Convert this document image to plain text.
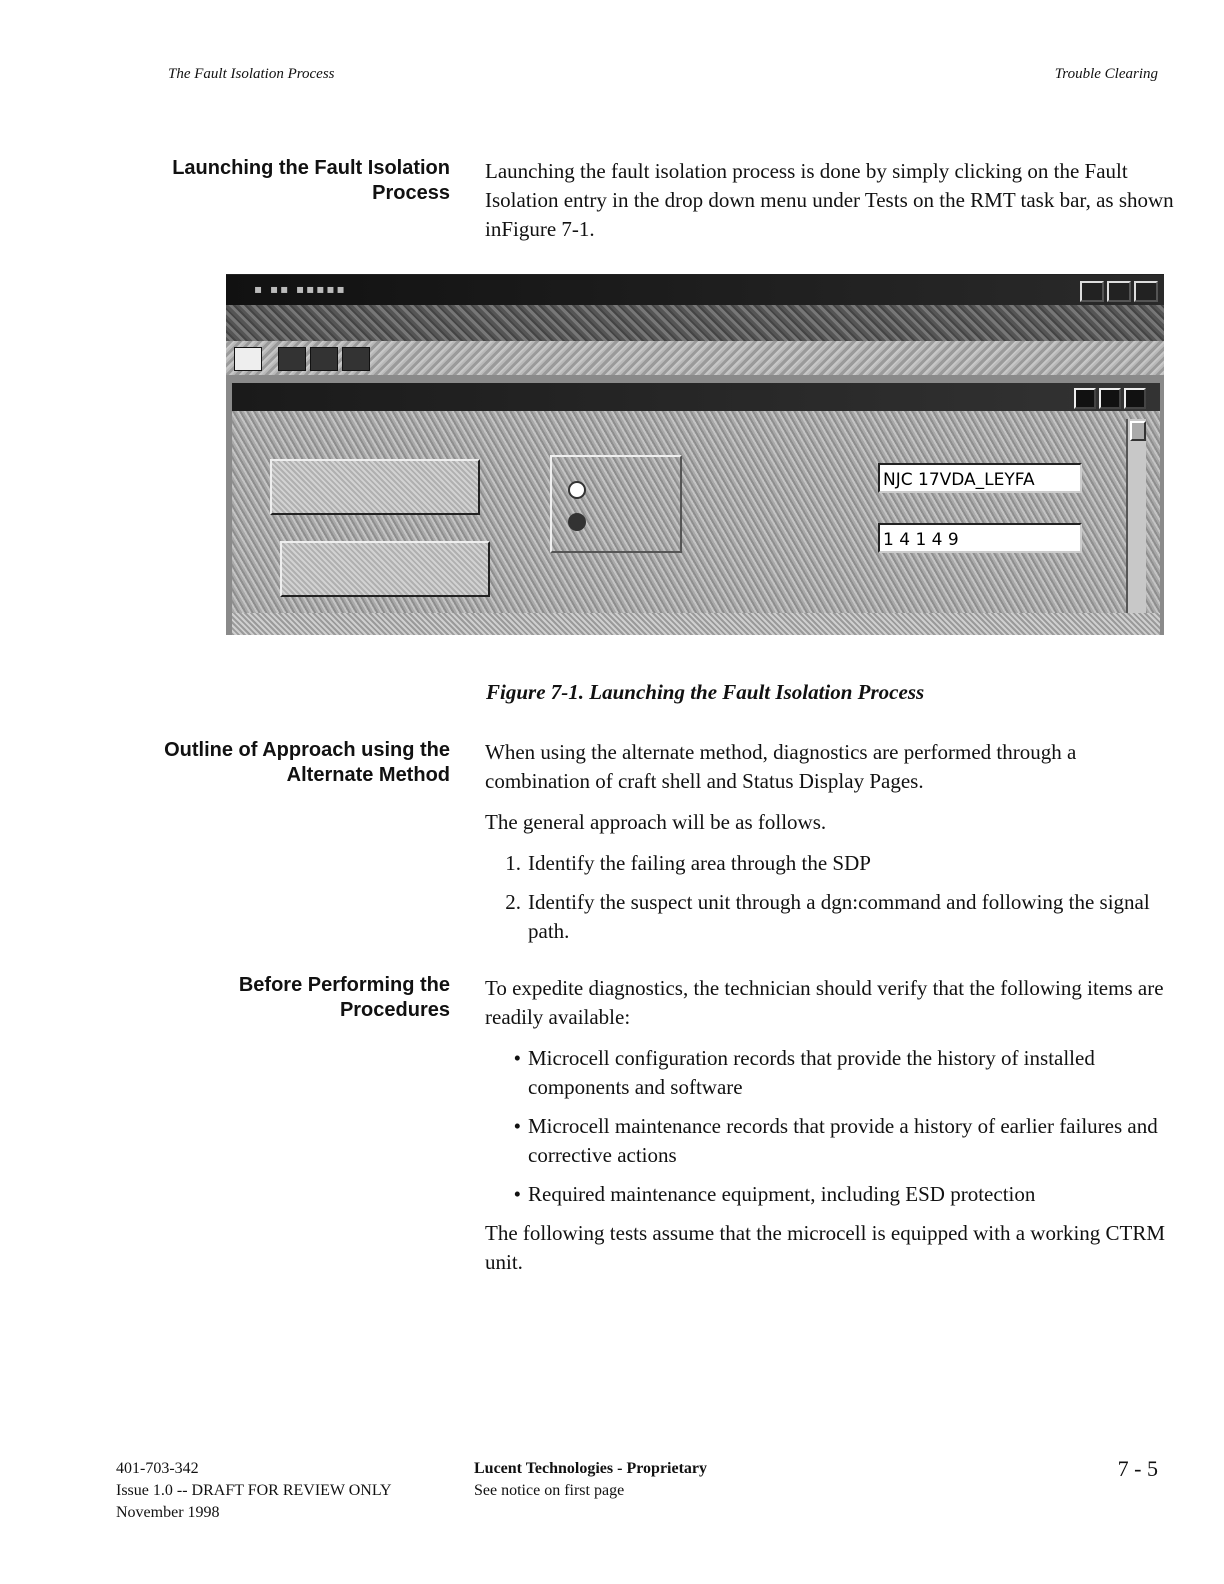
The Fault Isolation Process	Trouble Clearing
Launching the Fault Isolation Process

Launching the fault isolation process is done by simply clicking on the Fault Isolation entry in the drop down menu under Tests on the RMT task bar, as shown inFigure 7-1.

▪ ▪▪ ▪▪▪▪▪
NJC 17VDA_LEYFA
1 4 1 4 9
Figure 7-1. Launching the Fault Isolation Process
Outline of Approach using the Alternate Method

When using the alternate method, diagnostics are performed through a combination of craft shell and Status Display Pages.

The general approach will be as follows.

1. Identify the failing area through the SDP
2. Identify the suspect unit through a dgn:command and following the signal path.
Before Performing the Procedures

To expedite diagnostics, the technician should verify that the following items are readily available:

• Microcell configuration records that provide the history of installed components and software
• Microcell maintenance records that provide a history of earlier failures and corrective actions
• Required maintenance equipment, including ESD protection

The following tests assume that the microcell is equipped with a working CTRM unit.

401-703-342
Issue 1.0 -- DRAFT FOR REVIEW ONLY
November 1998
Lucent Technologies - Proprietary
See notice on first page
7 - 5
